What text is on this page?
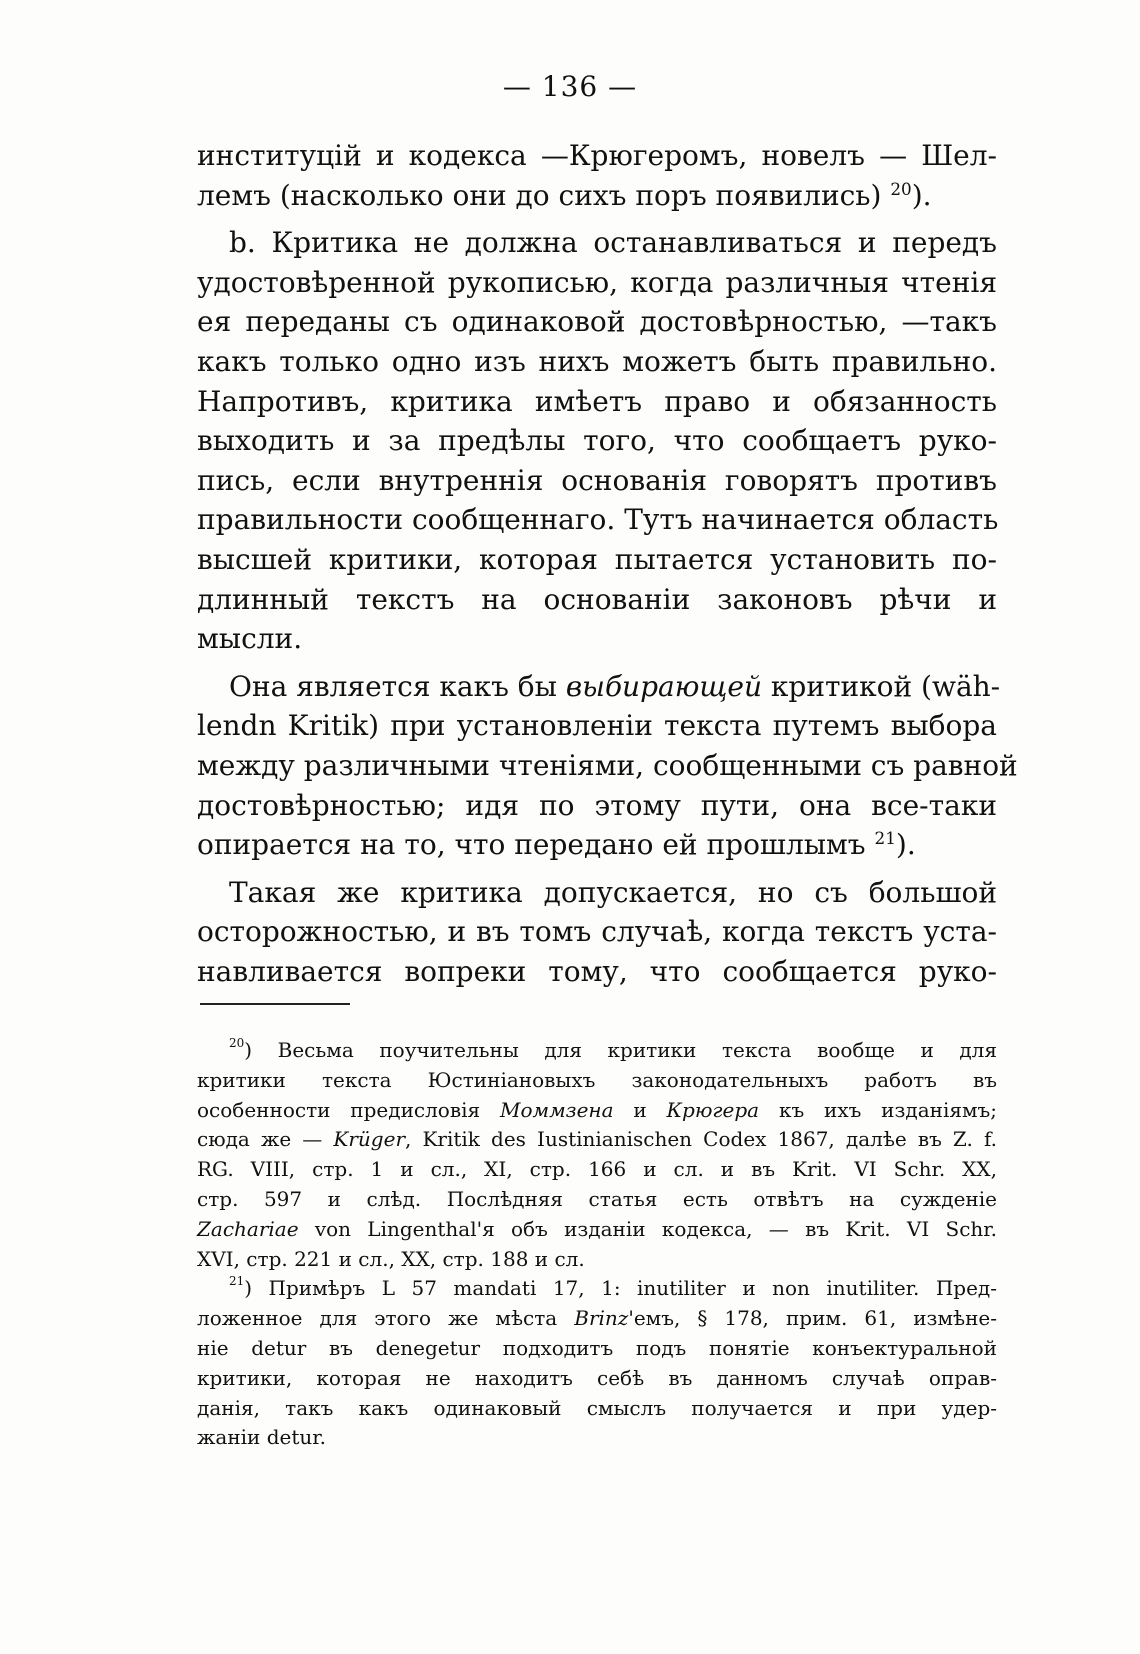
— 136 —
институцій и кодекса —Крюгеромъ, новелъ — Шел-
лемъ (насколько они до сихъ поръ появились) $^{20}$).
b. Критика не должна останавливаться и передъ
удостовѣренной рукописью, когда различныя чтенія
ея переданы съ одинаковой достовѣрностью, —такъ
какъ только одно изъ нихъ можетъ быть правильно.
Напротивъ, критика имѣетъ право и обязанность
выходить и за предѣлы того, что сообщаетъ руко-
пись, если внутреннія основанія говорятъ противъ
правильности сообщеннаго. Тутъ начинается область
высшей критики, которая пытается установить по-
длинный текстъ на основаніи законовъ рѣчи и
мысли.
Она является какъ бы выбирающей критикой (wäh-
lendn Kritik) при установленіи текста путемъ выбора
между различными чтеніями, сообщенными съ равной
достовѣрностью; идя по этому пути, она все-таки
опирается на то, что передано ей прошлымъ $^{21}$).
Такая же критика допускается, но съ большой
осторожностью, и въ томъ случаѣ, когда текстъ уста-
навливается вопреки тому, что сообщается руко-
$^{20}$) Весьма поучительны для критики текста вообще и для
критики текста Юстиніановыхъ законодательныхъ работъ въ
особенности предисловія Моммзена и Крюгера къ ихъ изданіямъ;
сюда же — Krüger, Kritik des Iustinianischen Codex 1867, далѣе въ Z. f.
RG. VIII, стр. 1 и сл., XI, стр. 166 и сл. и въ Krit. VI Schr. XX,
стр. 597 и слѣд. Послѣдняя статья есть отвѣтъ на сужденіе
Zachariae von Lingenthal'я объ изданіи кодекса, — въ Krit. VI Schr.
XVI, стр. 221 и сл., XX, стр. 188 и сл.
$^{21}$) Примѣръ L 57 mandati 17, 1: inutiliter и non inutiliter. Пред-
ложенное для этого же мѣста Brinz'емъ, § 178, прим. 61, измѣне-
ніе detur въ denegetur подходитъ подъ понятіе конъектуральной
критики, которая не находитъ себѣ въ данномъ случаѣ оправ-
данія, такъ какъ одинаковый смыслъ получается и при удер-
жаніи detur.
